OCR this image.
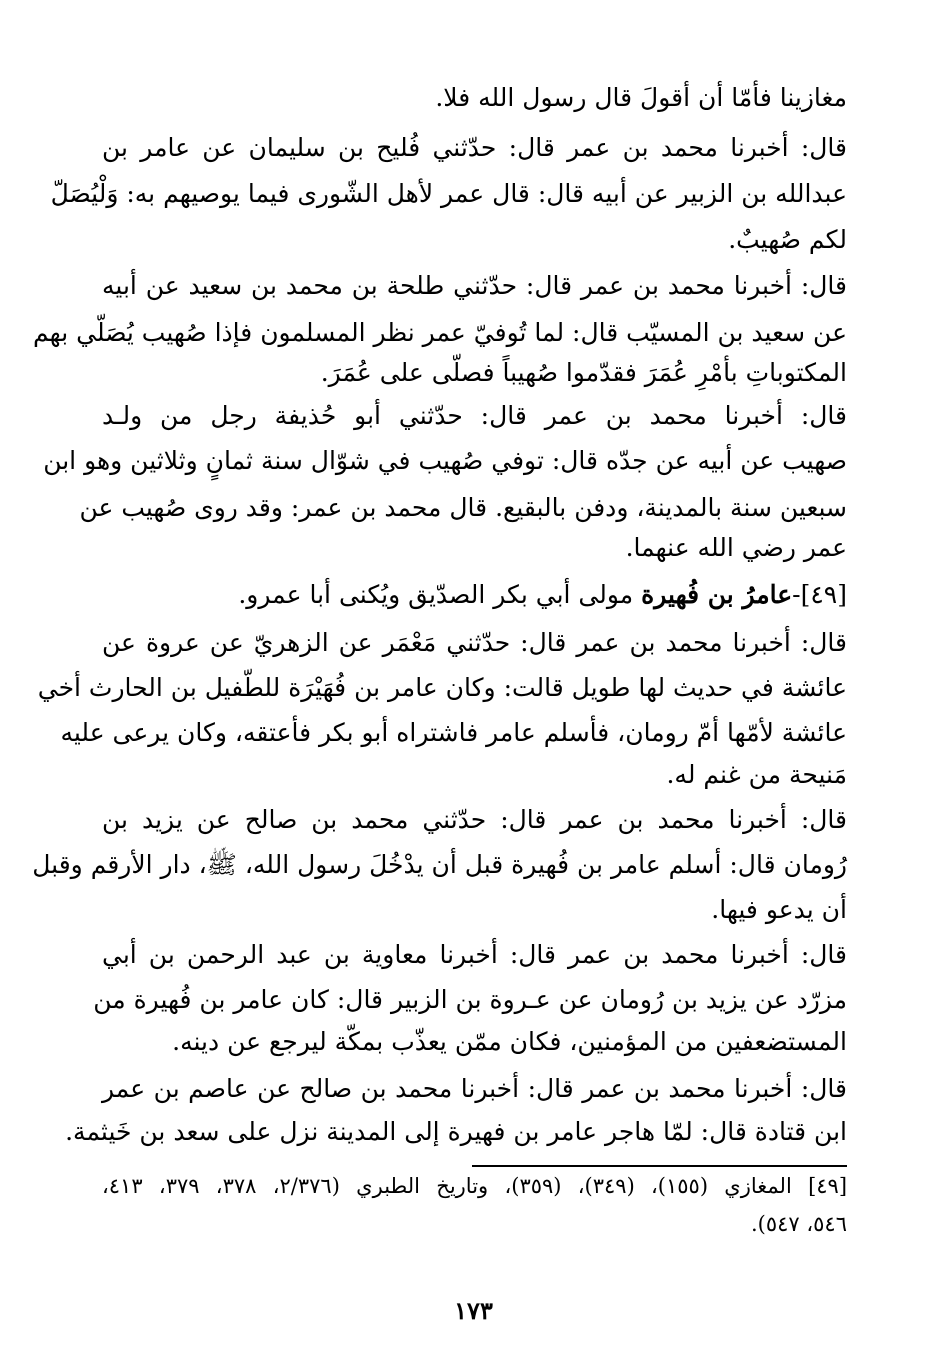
مغازينا فأمّا أن أقولَ قال رسول الله فلا.
قال: أخبرنا محمد بن عمر قال: حدّثني فُليح بن سليمان عن عامر بن
عبدالله بن الزبير عن أبيه قال: قال عمر لأهل الشّورى فيما يوصيهم به: وَلْيُصَلّ
لكم صُهيبٌ.
قال: أخبرنا محمد بن عمر قال: حدّثني طلحة بن محمد بن سعيد عن أبيه
عن سعيد بن المسيّب قال: لما تُوفيّ عمر نظر المسلمون فإذا صُهيب يُصَلّي بهم
المكتوباتِ بأمْرِ عُمَرَ فقدّموا صُهيباً فصلّى على عُمَرَ.
قال: أخبرنا محمد بن عمر قال: حدّثني أبو حُذيفة رجل من ولـد
صهيب عن أبيه عن جدّه قال: توفي صُهيب في شوّال سنة ثمانٍ وثلاثين وهو ابن
سبعين سنة بالمدينة، ودفن بالبقيع. قال محمد بن عمر: وقد روى صُهيب عن
عمر رضي الله عنهما.
[٤٩]-عامرُ بن فُهيرة مولى أبي بكر الصدّيق ويُكنى أبا عمرو.
قال: أخبرنا محمد بن عمر قال: حدّثني مَعْمَر عن الزهريّ عن عروة عن
عائشة في حديث لها طويل قالت: وكان عامر بن فُهَيْرَة للطّفيل بن الحارث أخي
عائشة لأمّها أمّ رومان، فأسلم عامر فاشتراه أبو بكر فأعتقه، وكان يرعى عليه
مَنيحة من غنم له.
قال: أخبرنا محمد بن عمر قال: حدّثني محمد بن صالح عن يزيد بن
رُومان قال: أسلم عامر بن فُهيرة قبل أن يدْخُلَ رسول الله، ﷺ، دار الأرقم وقبل
أن يدعو فيها.
قال: أخبرنا محمد بن عمر قال: أخبرنا معاوية بن عبد الرحمن بن أبي
مزرّد عن يزيد بن رُومان عن عـروة بن الزبير قال: كان عامر بن فُهيرة من
المستضعفين من المؤمنين، فكان ممّن يعذّب بمكّة ليرجع عن دينه.
قال: أخبرنا محمد بن عمر قال: أخبرنا محمد بن صالح عن عاصم بن عمر
ابن قتادة قال: لمّا هاجر عامر بن فهيرة إلى المدينة نزل على سعد بن خَيثمة.
[٤٩] المغازي (١٥٥)، (٣٤٩)، (٣٥٩)، وتاريخ الطبري (٢/٣٧٦، ٣٧٨، ٣٧٩، ٤١٣،
٥٤٦، ٥٤٧).
١٧٣
